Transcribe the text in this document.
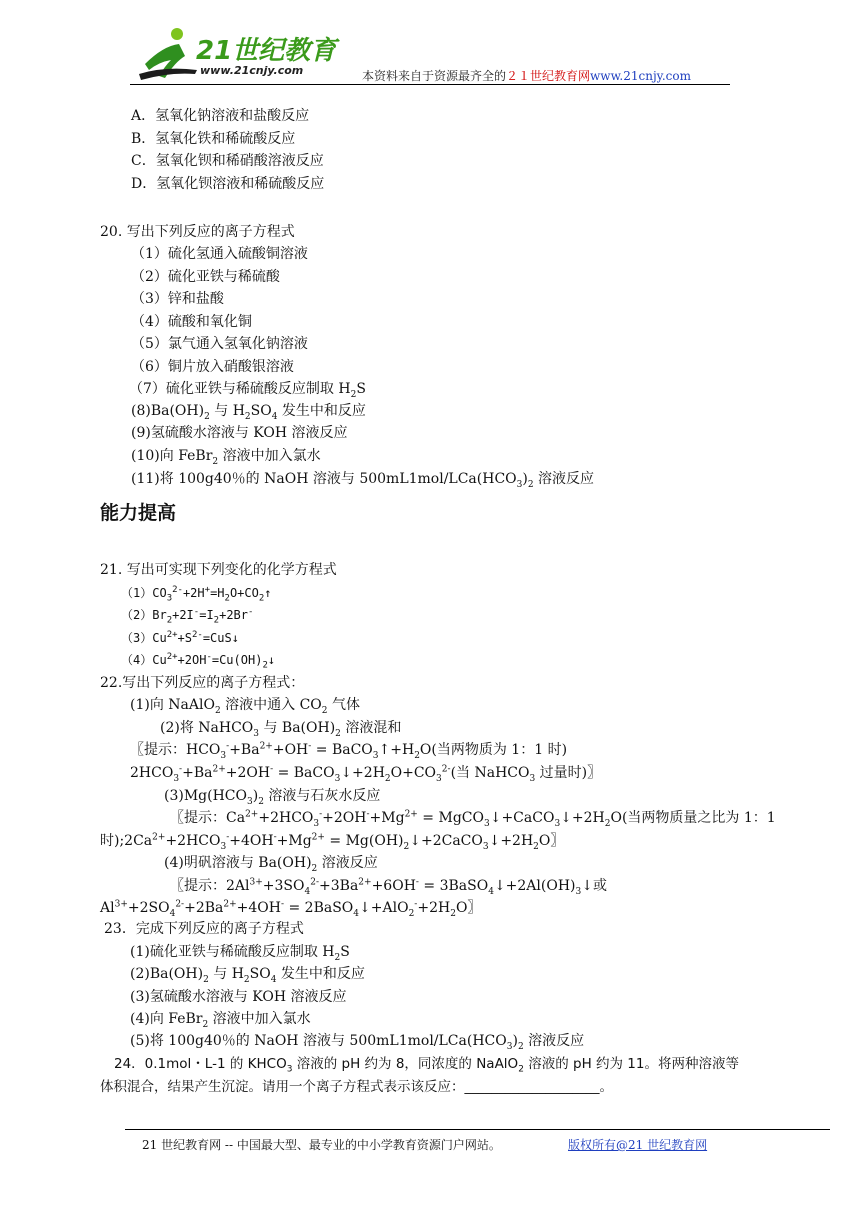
21世纪教育
www.21cnjy.com	本资料来自于资源最齐全的２１世纪教育网www.21cnjy.com
A．氢氧化钠溶液和盐酸反应
B．氢氧化铁和稀硫酸反应
C．氢氧化钡和稀硝酸溶液反应
D．氢氧化钡溶液和稀硫酸反应
20. 写出下列反应的离子方程式
（1）硫化氢通入硫酸铜溶液
（2）硫化亚铁与稀硫酸
（3）锌和盐酸
（4）硫酸和氧化铜
（5）氯气通入氢氧化钠溶液
（6）铜片放入硝酸银溶液
（7）硫化亚铁与稀硫酸反应制取 $H_2S$
$(8)Ba(OH)_2$ 与 $H_2SO_4$ 发生中和反应
(9)氢硫酸水溶液与 KOH 溶液反应
(10)向 FeBr$_2$ 溶液中加入氯水
(11)将 100g40％的 NaOH 溶液与 $500mL1mol/LCa(HCO_3)_2$ 溶液反应
能力提高
21. 写出可实现下列变化的化学方程式
$(1)CO_3^{2-}+2H^+=H_2O+CO_2↑$
$(2)Br_2+2I^-=I_2+2Br^-$
$(3)Cu^{2+}+S^{2-}=CuS↓$
$(4)Cu^{2+}+2OH^-=Cu(OH)_2↓$
22.写出下列反应的离子方程式：
(1)向 NaAlO$_2$ 溶液中通入 $CO_2$ 气体
(2)将 NaHCO$_3$ 与 $Ba(OH)_2$ 溶液混和
〖提示：$HCO_3^-+Ba^{2+}+OH^-$ = $BaCO_3↑+H_2O$(当两物质为 1：1 时)
$2HCO_3^-+Ba^{2+}+2OH^-$ = $BaCO_3↓+2H_2O+CO_3^{2-}$(当 NaHCO$_3$ 过量时)〗
$(3)Mg(HCO_3)_2$ 溶液与石灰水反应
〖提示：$Ca^{2+}+2HCO_3^-+2OH^-+Mg^{2+}$ = $MgCO_3↓+CaCO_3↓+2H_2O$(当两物质量之比为 1：1
时)$;2Ca^{2+}+2HCO_3^-+4OH^-+Mg^{2+}$ = $Mg(OH)_2↓+2CaCO_3↓+2H_2O$〗
(4)明矾溶液与 $Ba(OH)_2$ 溶液反应
〖提示：$2Al^{3+}+3SO_4^{2-}+3Ba^{2+}+6OH^-$ = $3BaSO_4↓+2Al(OH)_3↓$或
$Al^{3+}+2SO_4^{2-}+2Ba^{2+}+4OH^-$ = $2BaSO_4↓+AlO_2^-+2H_2O$〗
23．完成下列反应的离子方程式
(1)硫化亚铁与稀硫酸反应制取 $H_2S$
$(2)Ba(OH)_2$ 与 $H_2SO_4$ 发生中和反应
(3)氢硫酸水溶液与 KOH 溶液反应
(4)向 FeBr$_2$ 溶液中加入氯水
(5)将 100g40％的 NaOH 溶液与 $500mL1mol/LCa(HCO_3)_2$ 溶液反应
24．0.1mol・L-1 的 $KHCO_3$ 溶液的 pH 约为 8，同浓度的 NaAlO$_2$ 溶液的 pH 约为 11。将两种溶液等
体积混合，结果产生沉淀。请用一个离子方程式表示该反应：____________________。
21 世纪教育网 -- 中国最大型、最专业的中小学教育资源门户网站。	版权所有@21 世纪教育网
